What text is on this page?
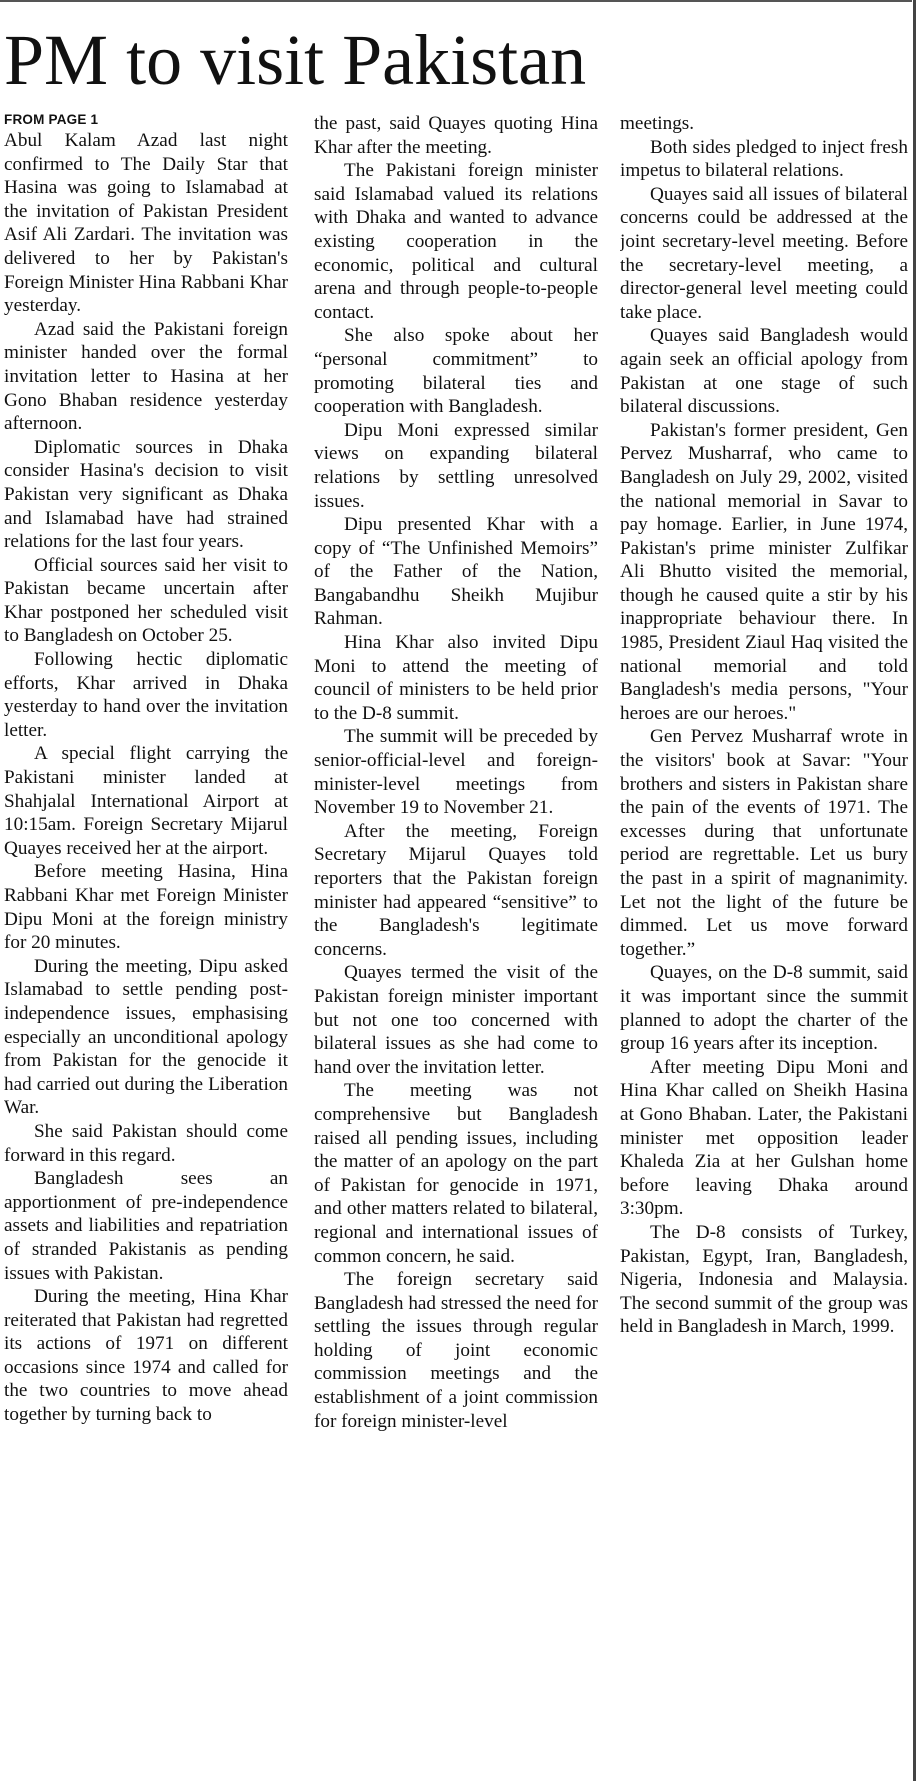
PM to visit Pakistan
FROM PAGE 1

Abul Kalam Azad last night confirmed to The Daily Star that Hasina was going to Islamabad at the invitation of Pakistan President Asif Ali Zardari. The invitation was delivered to her by Pakistan's Foreign Minister Hina Rabbani Khar yesterday.

Azad said the Pakistani foreign minister handed over the formal invitation letter to Hasina at her Gono Bhaban residence yesterday afternoon.

Diplomatic sources in Dhaka consider Hasina's decision to visit Pakistan very significant as Dhaka and Islamabad have had strained relations for the last four years.

Official sources said her visit to Pakistan became uncertain after Khar postponed her scheduled visit to Bangladesh on October 25.

Following hectic diplomatic efforts, Khar arrived in Dhaka yesterday to hand over the invitation letter.

A special flight carrying the Pakistani minister landed at Shahjalal International Airport at 10:15am. Foreign Secretary Mijarul Quayes received her at the airport.

Before meeting Hasina, Hina Rabbani Khar met Foreign Minister Dipu Moni at the foreign ministry for 20 minutes.

During the meeting, Dipu asked Islamabad to settle pending post-independence issues, emphasising especially an unconditional apology from Pakistan for the genocide it had carried out during the Liberation War.

She said Pakistan should come forward in this regard.

Bangladesh sees an apportionment of pre-independence assets and liabilities and repatriation of stranded Pakistanis as pending issues with Pakistan.

During the meeting, Hina Khar reiterated that Pakistan had regretted its actions of 1971 on different occasions since 1974 and called for the two countries to move ahead together by turning back to

the past, said Quayes quoting Hina Khar after the meeting.

The Pakistani foreign minister said Islamabad valued its relations with Dhaka and wanted to advance existing cooperation in the economic, political and cultural arena and through people-to-people contact.

She also spoke about her “personal commitment” to promoting bilateral ties and cooperation with Bangladesh.

Dipu Moni expressed similar views on expanding bilateral relations by settling unresolved issues.

Dipu presented Khar with a copy of “The Unfinished Memoirs” of the Father of the Nation, Bangabandhu Sheikh Mujibur Rahman.

Hina Khar also invited Dipu Moni to attend the meeting of council of ministers to be held prior to the D-8 summit.

The summit will be preceded by senior-official-level and foreign-minister-level meetings from November 19 to November 21.

After the meeting, Foreign Secretary Mijarul Quayes told reporters that the Pakistan foreign minister had appeared “sensitive” to the Bangladesh's legitimate concerns.

Quayes termed the visit of the Pakistan foreign minister important but not one too concerned with bilateral issues as she had come to hand over the invitation letter.

The meeting was not comprehensive but Bangladesh raised all pending issues, including the matter of an apology on the part of Pakistan for genocide in 1971, and other matters related to bilateral, regional and international issues of common concern, he said.

The foreign secretary said Bangladesh had stressed the need for settling the issues through regular holding of joint economic commission meetings and the establishment of a joint commission for foreign minister-level

meetings.

Both sides pledged to inject fresh impetus to bilateral relations.

Quayes said all issues of bilateral concerns could be addressed at the joint secretary-level meeting. Before the secretary-level meeting, a director-general level meeting could take place.

Quayes said Bangladesh would again seek an official apology from Pakistan at one stage of such bilateral discussions.

Pakistan's former president, Gen Pervez Musharraf, who came to Bangladesh on July 29, 2002, visited the national memorial in Savar to pay homage. Earlier, in June 1974, Pakistan's prime minister Zulfikar Ali Bhutto visited the memorial, though he caused quite a stir by his inappropriate behaviour there. In 1985, President Ziaul Haq visited the national memorial and told Bangladesh's media persons, "Your heroes are our heroes."

Gen Pervez Musharraf wrote in the visitors' book at Savar: "Your brothers and sisters in Pakistan share the pain of the events of 1971. The excesses during that unfortunate period are regrettable. Let us bury the past in a spirit of magnanimity. Let not the light of the future be dimmed. Let us move forward together.”

Quayes, on the D-8 summit, said it was important since the summit planned to adopt the charter of the group 16 years after its inception.

After meeting Dipu Moni and Hina Khar called on Sheikh Hasina at Gono Bhaban. Later, the Pakistani minister met opposition leader Khaleda Zia at her Gulshan home before leaving Dhaka around 3:30pm.

The D-8 consists of Turkey, Pakistan, Egypt, Iran, Bangladesh, Nigeria, Indonesia and Malaysia. The second summit of the group was held in Bangladesh in March, 1999.
